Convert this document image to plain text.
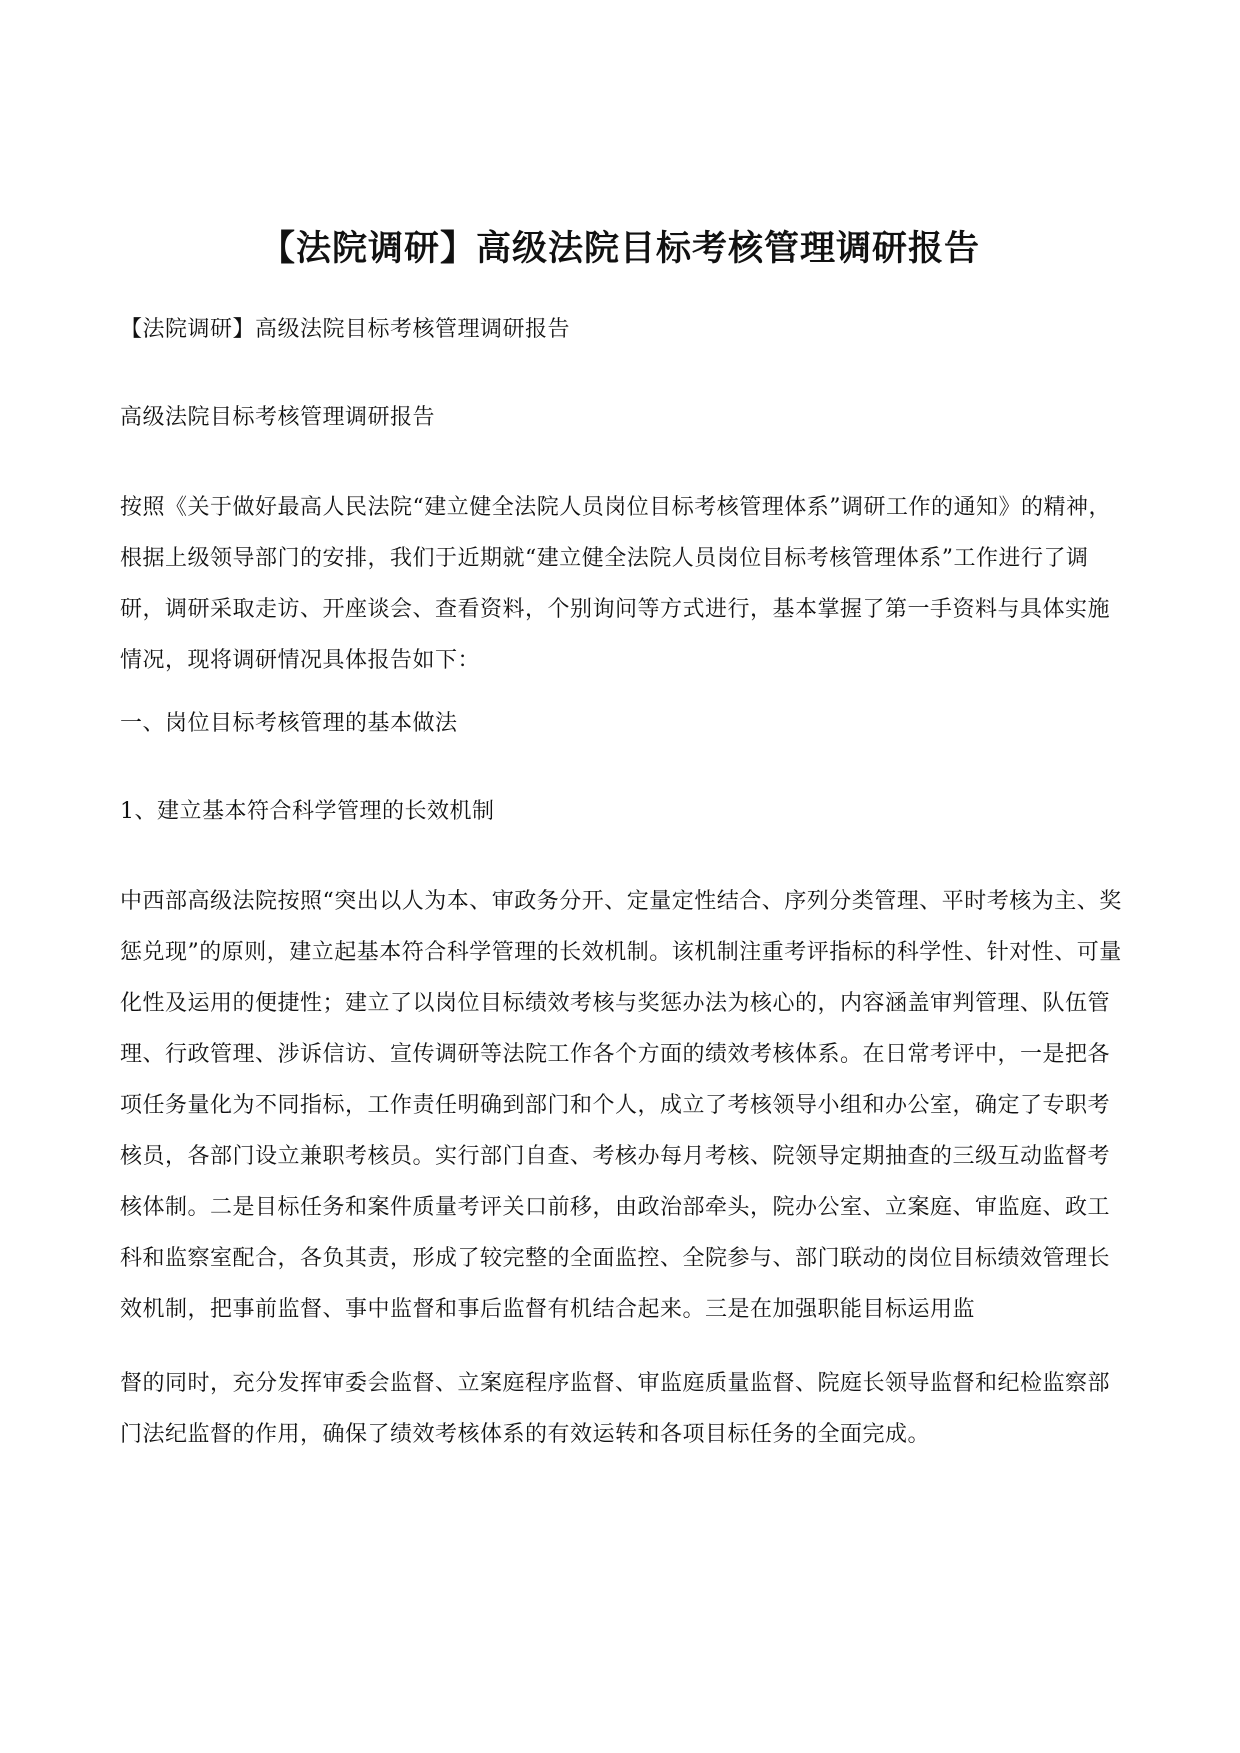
【法院调研】高级法院目标考核管理调研报告

【法院调研】高级法院目标考核管理调研报告

高级法院目标考核管理调研报告

按照《关于做好最高人民法院“建立健全法院人员岗位目标考核管理体系”调研工作的通知》的精神，根据上级领导部门的安排，我们于近期就“建立健全法院人员岗位目标考核管理体系”工作进行了调研，调研采取走访、开座谈会、查看资料，个别询问等方式进行，基本掌握了第一手资料与具体实施情况，现将调研情况具体报告如下：

一、岗位目标考核管理的基本做法

1、建立基本符合科学管理的长效机制

中西部高级法院按照“突出以人为本、审政务分开、定量定性结合、序列分类管理、平时考核为主、奖惩兑现”的原则，建立起基本符合科学管理的长效机制。该机制注重考评指标的科学性、针对性、可量化性及运用的便捷性；建立了以岗位目标绩效考核与奖惩办法为核心的，内容涵盖审判管理、队伍管理、行政管理、涉诉信访、宣传调研等法院工作各个方面的绩效考核体系。在日常考评中，一是把各项任务量化为不同指标，工作责任明确到部门和个人，成立了考核领导小组和办公室，确定了专职考核员，各部门设立兼职考核员。实行部门自查、考核办每月考核、院领导定期抽查的三级互动监督考核体制。二是目标任务和案件质量考评关口前移，由政治部牵头，院办公室、立案庭、审监庭、政工科和监察室配合，各负其责，形成了较完整的全面监控、全院参与、部门联动的岗位目标绩效管理长效机制，把事前监督、事中监督和事后监督有机结合起来。三是在加强职能目标运用监

督的同时，充分发挥审委会监督、立案庭程序监督、审监庭质量监督、院庭长领导监督和纪检监察部门法纪监督的作用，确保了绩效考核体系的有效运转和各项目标任务的全面完成。
